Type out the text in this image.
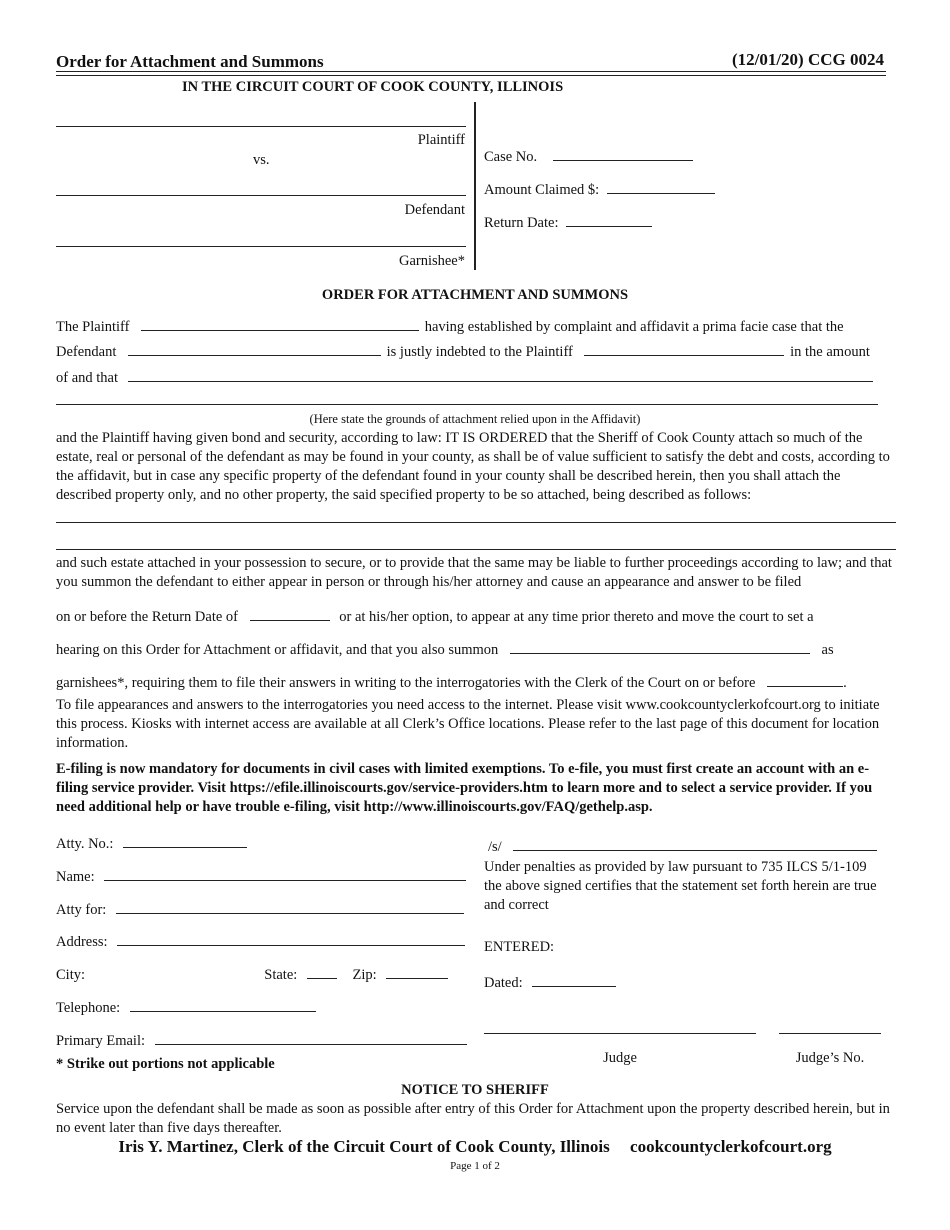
Order for Attachment and Summons	(12/01/20) CCG 0024
IN THE CIRCUIT COURT OF COOK COUNTY, ILLINOIS
Plaintiff
vs.
Defendant
Garnishee*
Case No.
Amount Claimed $:
Return Date:
ORDER FOR ATTACHMENT AND SUMMONS
The Plaintiff	having established by complaint and affidavit a prima facie case that the
Defendant	is justly indebted to the Plaintiff	in the amount
of and that
(Here state the grounds of attachment relied upon in the Affidavit)
and the Plaintiff having given bond and security, according to law: IT IS ORDERED that the Sheriff of Cook County attach so much of the estate, real or personal of the defendant as may be found in your county, as shall be of value sufficient to satisfy the debt and costs, according to the affidavit, but in case any specific property of the defendant found in your county shall be described herein, then you shall attach the described property only, and no other property, the said specified property to be so attached, being described as follows:
and such estate attached in your possession to secure, or to provide that the same may be liable to further proceedings according to law; and that you summon the defendant to either appear in person or through his/her attorney and cause an appearance and answer to be filed
on or before the Return Date of	or at his/her option, to appear at any time prior thereto and move the court to set a
hearing on this Order for Attachment or affidavit, and that you also summon	as
garnishees*, requiring them to file their answers in writing to the interrogatories with the Clerk of the Court on or before	.
To file appearances and answers to the interrogatories you need access to the internet. Please visit www.cookcountyclerkofcourt.org to initiate this process. Kiosks with internet access are available at all Clerk’s Office locations. Please refer to the last page of this document for location information.
E-filing is now mandatory for documents in civil cases with limited exemptions. To e-file, you must first create an account with an e-filing service provider. Visit https://efile.illinoiscourts.gov/service-providers.htm to learn more and to select a service provider. If you need additional help or have trouble e-filing, visit http://www.illinoiscourts.gov/FAQ/gethelp.asp.
Atty. No.:
Name:
Atty for:
Address:
City:	State:	Zip:
Telephone:
Primary Email:
* Strike out portions not applicable
/s/
Under penalties as provided by law pursuant to 735 ILCS 5/1-109 the above signed certifies that the statement set forth herein are true and correct
ENTERED:
Dated:
Judge	Judge’s No.
NOTICE TO SHERIFF
Service upon the defendant shall be made as soon as possible after entry of this Order for Attachment upon the property described herein, but in no event later than five days thereafter.
Iris Y. Martinez, Clerk of the Circuit Court of Cook County, Illinois cookcountyclerkofcourt.org
Page 1 of 2
